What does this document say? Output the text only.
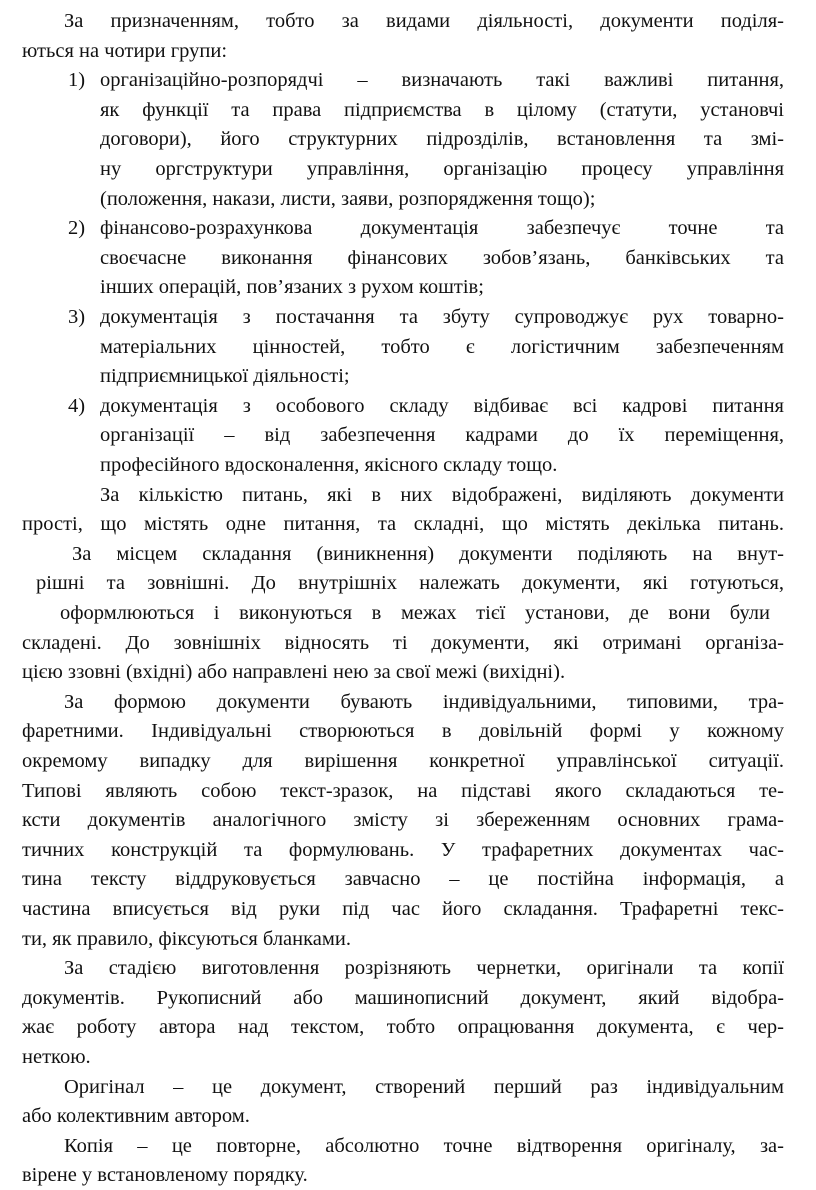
За призначенням, тобто за видами діяльності, документи поділя-
ються на чотири групи:
1) організаційно-розпорядчі – визначають такі важливі питання,
як функції та права підприємства в цілому (статути, установчі
договори), його структурних підрозділів, встановлення та змі-
ну оргструктури управління, організацію процесу управління
(положення, накази, листи, заяви, розпорядження тощо);
2) фінансово-розрахункова документація забезпечує точне та
своєчасне виконання фінансових зобов’язань, банківських та
інших операцій, пов’язаних з рухом коштів;
3) документація з постачання та збуту супроводжує рух товарно-
матеріальних цінностей, тобто є логістичним забезпеченням
підприємницької діяльності;
4) документація з особового складу відбиває всі кадрові питання
організації – від забезпечення кадрами до їх переміщення,
професійного вдосконалення, якісного складу тощо.
За кількістю питань, які в них відображені, виділяють документи
прості, що містять одне питання, та складні, що містять декілька питань.
За місцем складання (виникнення) документи поділяють на внут-
рішні та зовнішні. До внутрішніх належать документи, які готуються,
оформлюються і виконуються в межах тієї установи, де вони були
складені. До зовнішніх відносять ті документи, які отримані організа-
цією ззовні (вхідні) або направлені нею за свої межі (вихідні).
За формою документи бувають індивідуальними, типовими, тра-
фаретними. Індивідуальні створюються в довільній формі у кожному
окремому випадку для вирішення конкретної управлінської ситуації.
Типові являють собою текст-зразок, на підставі якого складаються те-
ксти документів аналогічного змісту зі збереженням основних грама-
тичних конструкцій та формулювань. У трафаретних документах час-
тина тексту віддруковується завчасно – це постійна інформація, а
частина вписується від руки під час його складання. Трафаретні текс-
ти, як правило, фіксуються бланками.
За стадією виготовлення розрізняють чернетки, оригінали та копії
документів. Рукописний або машинописний документ, який відобра-
жає роботу автора над текстом, тобто опрацювання документа, є чер-
неткою.
Оригінал – це документ, створений перший раз індивідуальним
або колективним автором.
Копія – це повторне, абсолютно точне відтворення оригіналу, за-
вірене у встановленому порядку.
